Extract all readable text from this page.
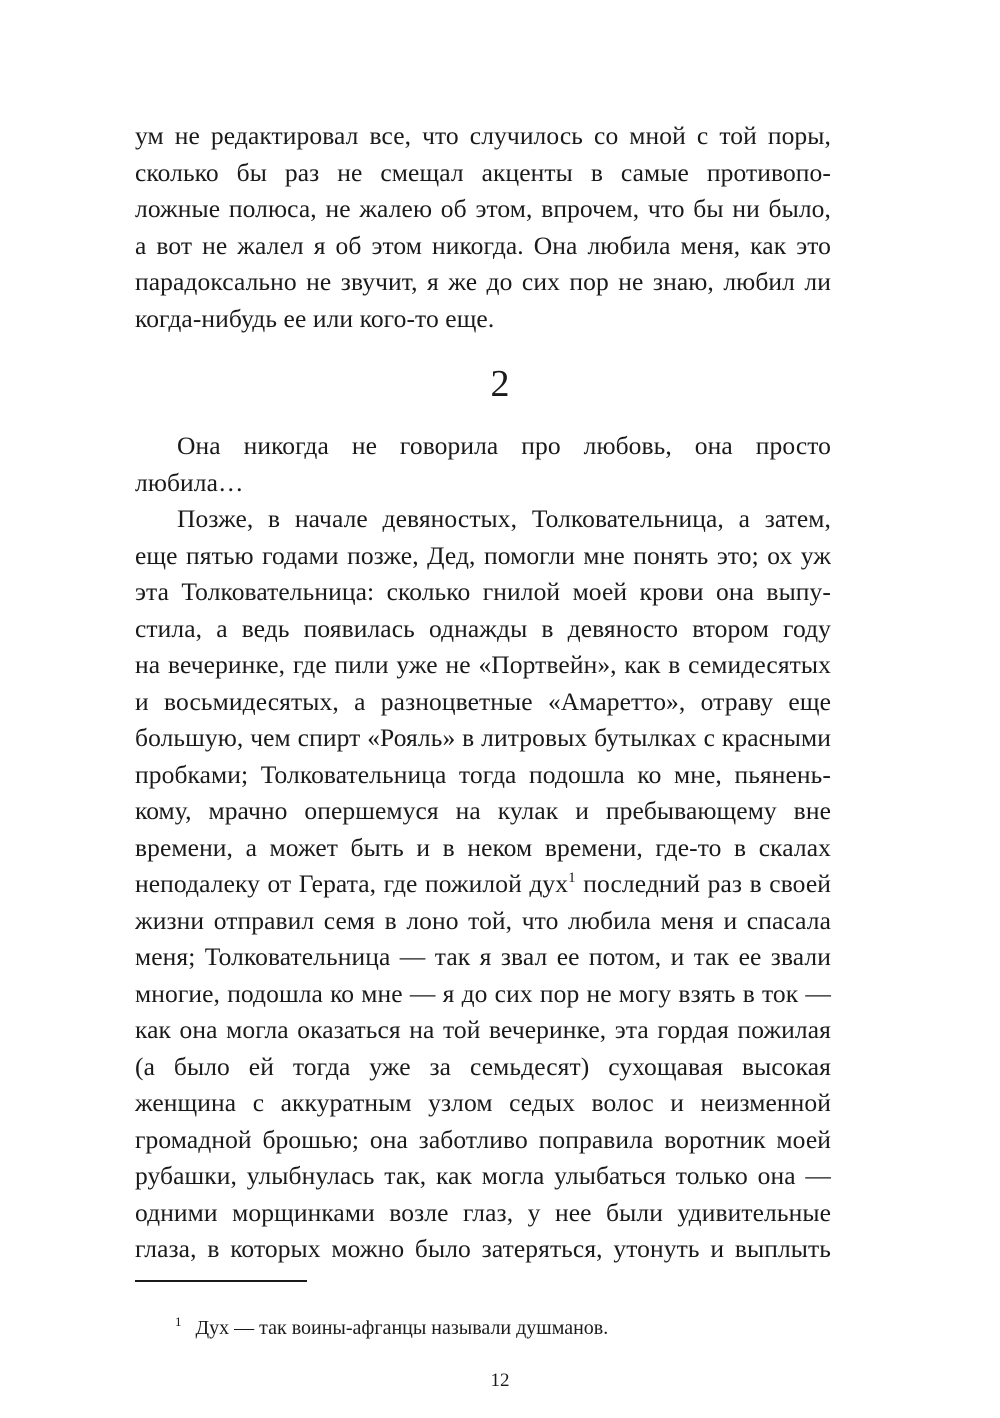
ум не редактировал все, что случилось со мной с той поры,
сколько бы раз не смещал акценты в самые противопо-
ложные полюса, не жалею об этом, впрочем, что бы ни было,
а вот не жалел я об этом никогда. Она любила меня, как это
парадоксально не звучит, я же до сих пор не знаю, любил ли
когда-нибудь ее или кого-то еще.
2
Она никогда не говорила про любовь, она просто
любила…
Позже, в начале девяностых, Толковательница, а затем,
еще пятью годами позже, Дед, помогли мне понять это; ох уж
эта Толковательница: сколько гнилой моей крови она выпу-
стила, а ведь появилась однажды в девяносто втором году
на вечеринке, где пили уже не «Портвейн», как в семидесятых
и восьмидесятых, а разноцветные «Амаретто», отраву еще
большую, чем спирт «Рояль» в литровых бутылках с красными
пробками; Толковательница тогда подошла ко мне, пьянень-
кому, мрачно опершемуся на кулак и пребывающему вне
времени, а может быть и в неком времени, где-то в скалах
неподалеку от Герата, где пожилой дух$^1$ последний раз в своей
жизни отправил семя в лоно той, что любила меня и спасала
меня; Толковательница — так я звал ее потом, и так ее звали
многие, подошла ко мне — я до сих пор не могу взять в ток —
как она могла оказаться на той вечеринке, эта гордая пожилая
(а было ей тогда уже за семьдесят) сухощавая высокая
женщина с аккуратным узлом седых волос и неизменной
громадной брошью; она заботливо поправила воротник моей
рубашки, улыбнулась так, как могла улыбаться только она —
одними морщинками возле глаз, у нее были удивительные
глаза, в которых можно было затеряться, утонуть и выплыть
$^1$ Дух — так воины-афганцы называли душманов.
12
